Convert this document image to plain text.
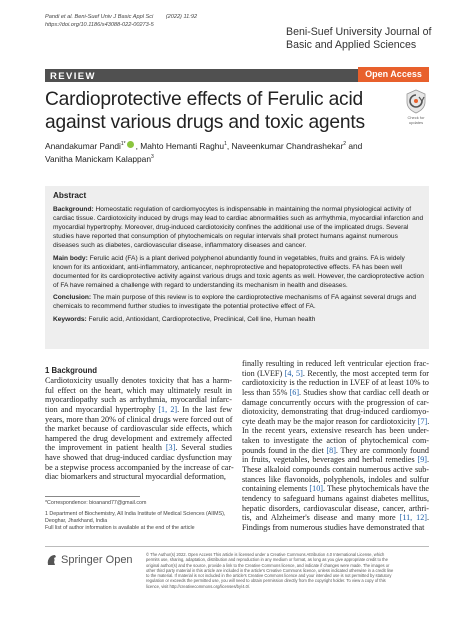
Pandi et al. Beni-Suef Univ J Basic Appl Sci (2022) 11:92
https://doi.org/10.1186/s43088-022-00273-5
Beni-Suef University Journal of
Basic and Applied Sciences
REVIEW	Open Access
Check for
updates
Cardioprotective effects of Ferulic acid
against various drugs and toxic agents
Anandakumar Pandi$^{1*}$ , Mahto Hemanti Raghu$^1$, Naveenkumar Chandrashekar$^2$ and
Vanitha Manickam Kalappan$^3$
Abstract

Background: Homeostatic regulation of cardiomyocytes is indispensable in maintaining the normal physiological activity of cardiac tissue. Cardiotoxicity induced by drugs may lead to cardiac abnormalities such as arrhythmia, myocardial infarction and myocardial hypertrophy. Moreover, drug-induced cardiotoxicity confines the additional use of the implicated drugs. Several studies have reported that consumption of phytochemicals on regular intervals shall protect humans against numerous diseases such as diabetes, cardiovascular disease, inflammatory diseases and cancer.

Main body: Ferulic acid (FA) is a plant derived polyphenol abundantly found in vegetables, fruits and grains. FA is widely known for its antioxidant, anti-inflammatory, anticancer, nephroprotective and hepatoprotective effects. FA has been well documented for its cardioprotective activity against various drugs and toxic agents as well. However, the cardioprotective action of FA have remained a challenge with regard to understanding its mechanism in health and diseases.

Conclusion: The main purpose of this review is to explore the cardioprotective mechanisms of FA against several drugs and chemicals to recommend further studies to investigate the potential protective effect of FA.

Keywords: Ferulic acid, Antioxidant, Cardioprotective, Preclinical, Cell line, Human health

1 Background
Cardiotoxicity usually denotes toxicity that has a harm-
ful effect on the heart, which may ultimately result in
myocardiopathy such as arrhythmia, myocardial infarc-
tion and myocardial hypertrophy [1, 2]. In the last few
years, more than 20% of clinical drugs were forced out of
the market because of cardiovascular side effects, which
hampered the drug development and extremely affected
the improvement in patient health [3]. Several studies
have showed that drug-induced cardiac dysfunction may
be a stepwise process accompanied by the increase of car-
diac biomarkers and structural myocardial deformation,
finally resulting in reduced left ventricular ejection frac-
tion (LVEF) [4, 5]. Recently, the most accepted term for
cardiotoxicity is the reduction in LVEF of at least 10% to
less than 55% [6]. Studies show that cardiac cell death or
damage concurrently occurs with the progression of car-
diotoxicity, demonstrating that drug-induced cardiomyo-
cyte death may be the major reason for cardiotoxicity [7].
In the recent years, extensive research has been under-
taken to investigate the action of phytochemical com-
pounds found in the diet [8]. They are commonly found
in fruits, vegetables, beverages and herbal remedies [9].
These alkaloid compounds contain numerous active sub-
stances like flavonoids, polyphenols, indoles and sulfur
containing elements [10]. These phytochemicals have the
tendency to safeguard humans against diabetes mellitus,
hepatic disorders, cardiovascular disease, cancer, arthri-
tis, and Alzheimer's disease and many more [11, 12].
Findings from numerous studies have demonstrated that
*Correspondence: bioanand77@gmail.com
1 Department of Biochemistry, All India Institute of Medical Sciences (AIIMS),
Deoghar, Jharkhand, India
Full list of author information is available at the end of the article
Springer Open	© The Author(s) 2022. Open Access This article is licensed under a Creative Commons Attribution 4.0 International License, which
permits use, sharing, adaptation, distribution and reproduction in any medium or format, as long as you give appropriate credit to the
original author(s) and the source, provide a link to the Creative Commons licence, and indicate if changes were made. The images or
other third party material in this article are included in the article's Creative Commons licence, unless indicated otherwise in a credit line
to the material. If material is not included in the article's Creative Commons licence and your intended use is not permitted by statutory
regulation or exceeds the permitted use, you will need to obtain permission directly from the copyright holder. To view a copy of this
licence, visit http://creativecommons.org/licenses/by/4.0/.
